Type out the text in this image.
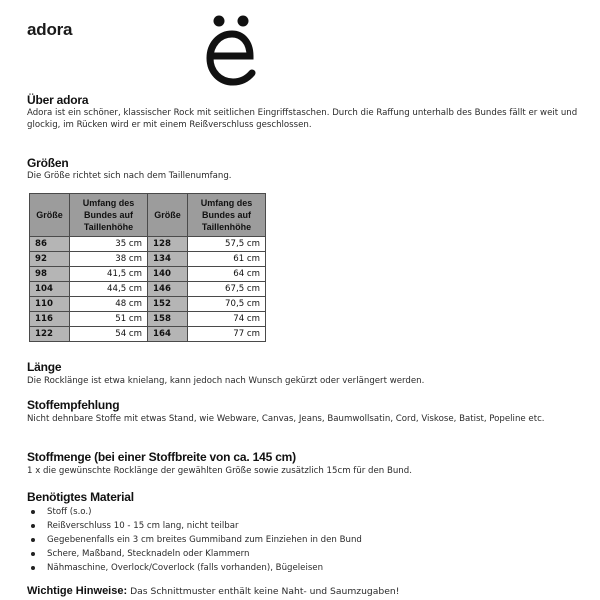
adora
Über adora
Adora ist ein schöner, klassischer Rock mit seitlichen Eingriffstaschen. Durch die Raffung unterhalb des Bundes fällt er weit und glockig, im Rücken wird er mit einem Reißverschluss geschlossen.
Größen
Die Größe richtet sich nach dem Taillenumfang.
Größe	Umfang des Bundes auf Taillenhöhe	Größe	Umfang des Bundes auf Taillenhöhe
86	35 cm	128	57,5 cm
92	38 cm	134	61 cm
98	41,5 cm	140	64 cm
104	44,5 cm	146	67,5 cm
110	48 cm	152	70,5 cm
116	51 cm	158	74 cm
122	54 cm	164	77 cm
Länge
Die Rocklänge ist etwa knielang, kann jedoch nach Wunsch gekürzt oder verlängert werden.
Stoffempfehlung
Nicht dehnbare Stoffe mit etwas Stand, wie Webware, Canvas, Jeans, Baumwollsatin, Cord, Viskose, Batist, Popeline etc.
Stoffmenge (bei einer Stoffbreite von ca. 145 cm)
1 x die gewünschte Rocklänge der gewählten Größe sowie zusätzlich 15cm für den Bund.
Benötigtes Material
Stoff (s.o.)
Reißverschluss 10 - 15 cm lang, nicht teilbar
Gegebenenfalls ein 3 cm breites Gummiband zum Einziehen in den Bund
Schere, Maßband, Stecknadeln oder Klammern
Nähmaschine, Overlock/Coverlock (falls vorhanden), Bügeleisen
Wichtige Hinweise: Das Schnittmuster enthält keine Naht- und Saumzugaben!
